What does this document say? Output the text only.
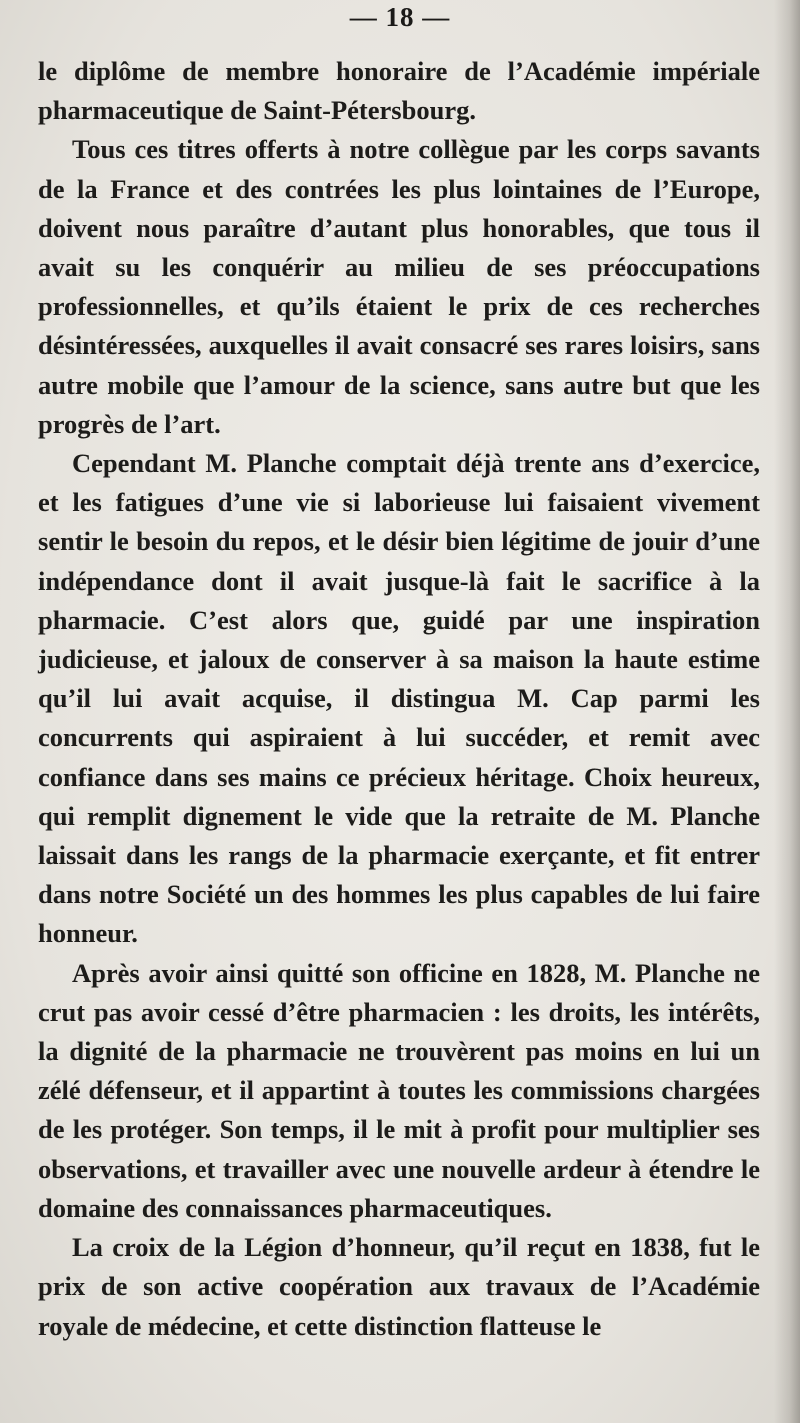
— 18 —

le diplôme de membre honoraire de l’Académie impériale pharmaceutique de Saint-Pétersbourg.

Tous ces titres offerts à notre collègue par les corps savants de la France et des contrées les plus lointaines de l’Europe, doivent nous paraître d’autant plus honorables, que tous il avait su les conquérir au milieu de ses préoccupations professionnelles, et qu’ils étaient le prix de ces recherches désintéressées, auxquelles il avait consacré ses rares loisirs, sans autre mobile que l’amour de la science, sans autre but que les progrès de l’art.

Cependant M. Planche comptait déjà trente ans d’exercice, et les fatigues d’une vie si laborieuse lui faisaient vivement sentir le besoin du repos, et le désir bien légitime de jouir d’une indépendance dont il avait jusque-là fait le sacrifice à la pharmacie. C’est alors que, guidé par une inspiration judicieuse, et jaloux de conserver à sa maison la haute estime qu’il lui avait acquise, il distingua M. Cap parmi les concurrents qui aspiraient à lui succéder, et remit avec confiance dans ses mains ce précieux héritage. Choix heureux, qui remplit dignement le vide que la retraite de M. Planche laissait dans les rangs de la pharmacie exerçante, et fit entrer dans notre Société un des hommes les plus capables de lui faire honneur.

Après avoir ainsi quitté son officine en 1828, M. Planche ne crut pas avoir cessé d’être pharmacien : les droits, les intérêts, la dignité de la pharmacie ne trouvèrent pas moins en lui un zélé défenseur, et il appartint à toutes les commissions chargées de les protéger. Son temps, il le mit à profit pour multiplier ses observations, et travailler avec une nouvelle ardeur à étendre le domaine des connaissances pharmaceutiques.

La croix de la Légion d’honneur, qu’il reçut en 1838, fut le prix de son active coopération aux travaux de l’Académie royale de médecine, et cette distinction flatteuse le
